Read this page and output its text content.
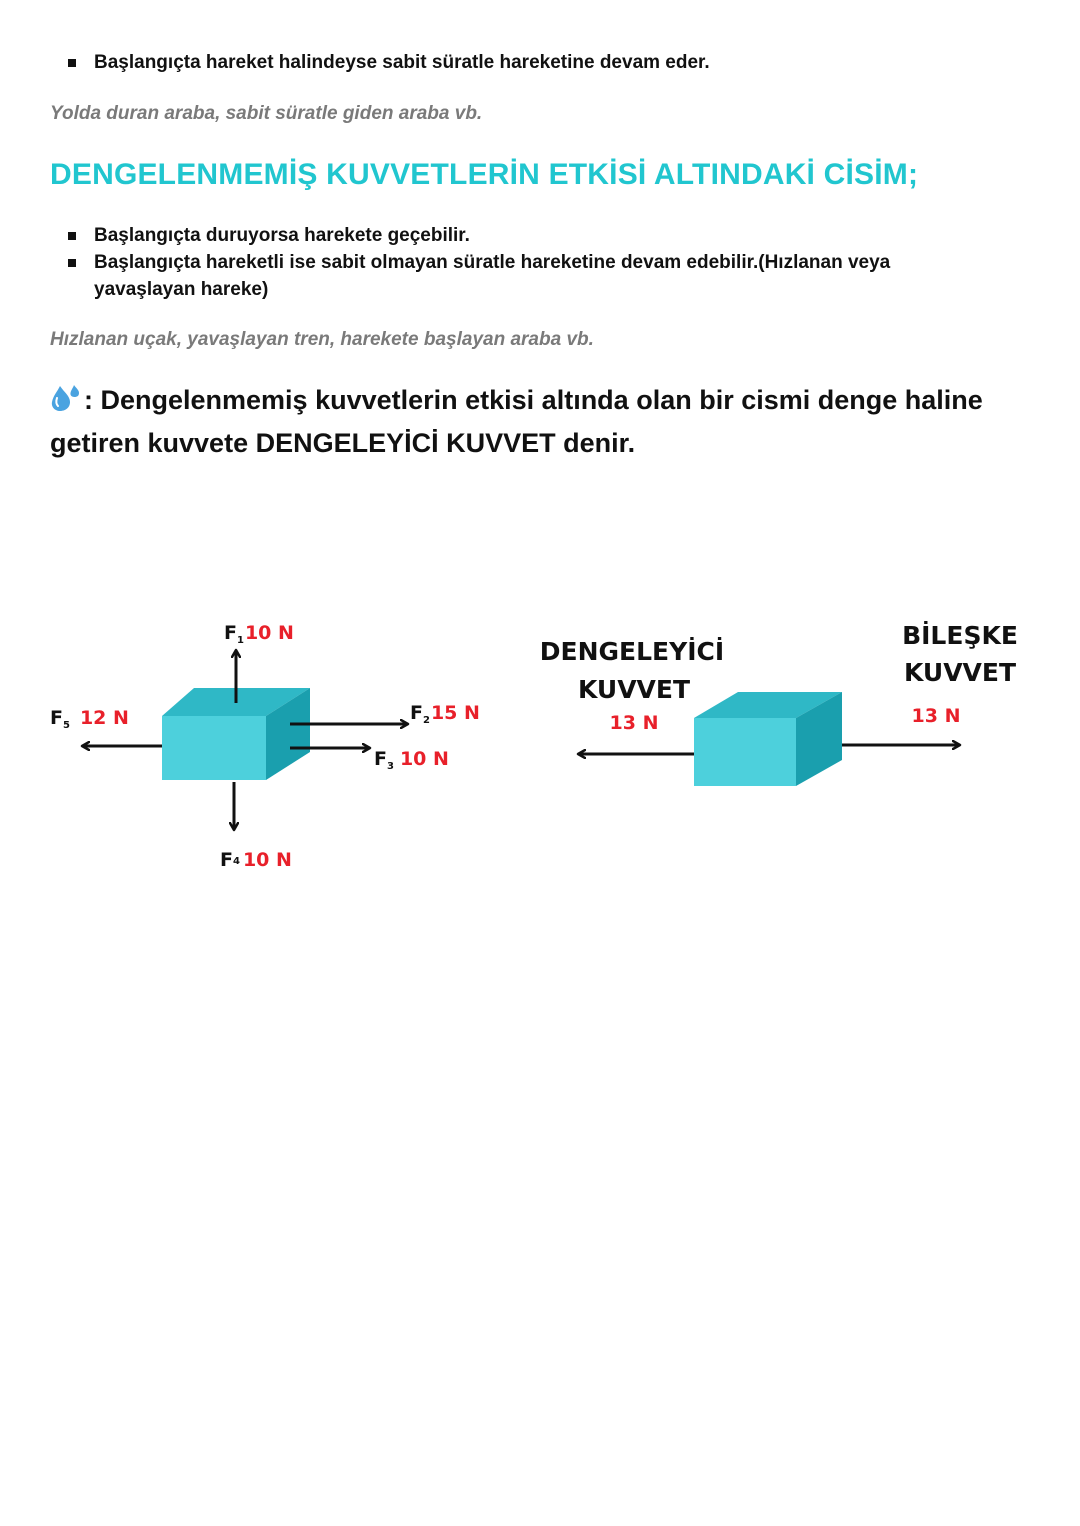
Başlangıçta hareket halindeyse sabit süratle hareketine devam eder.
Yolda duran araba, sabit süratle giden araba vb.
DENGELENMEMİŞ KUVVETLERİN ETKİSİ ALTINDAKİ CİSİM;
Başlangıçta duruyorsa harekete geçebilir.
Başlangıçta hareketli ise sabit olmayan süratle hareketine devam edebilir.(Hızlanan veya yavaşlayan hareke)
Hızlanan uçak, yavaşlayan tren, harekete başlayan araba vb.
: Dengelenmemiş kuvvetlerin etkisi altında olan bir cismi denge haline getiren kuvvete DENGELEYİCİ KUVVET denir.
$F_110$ N
$F_215$ N
$F_3$ 10 N
F4 10 N
$F_5$ 12 N
DENGELEYİCİ
KUVVET
13 N
BİLEŞKE
KUVVET
13 N
